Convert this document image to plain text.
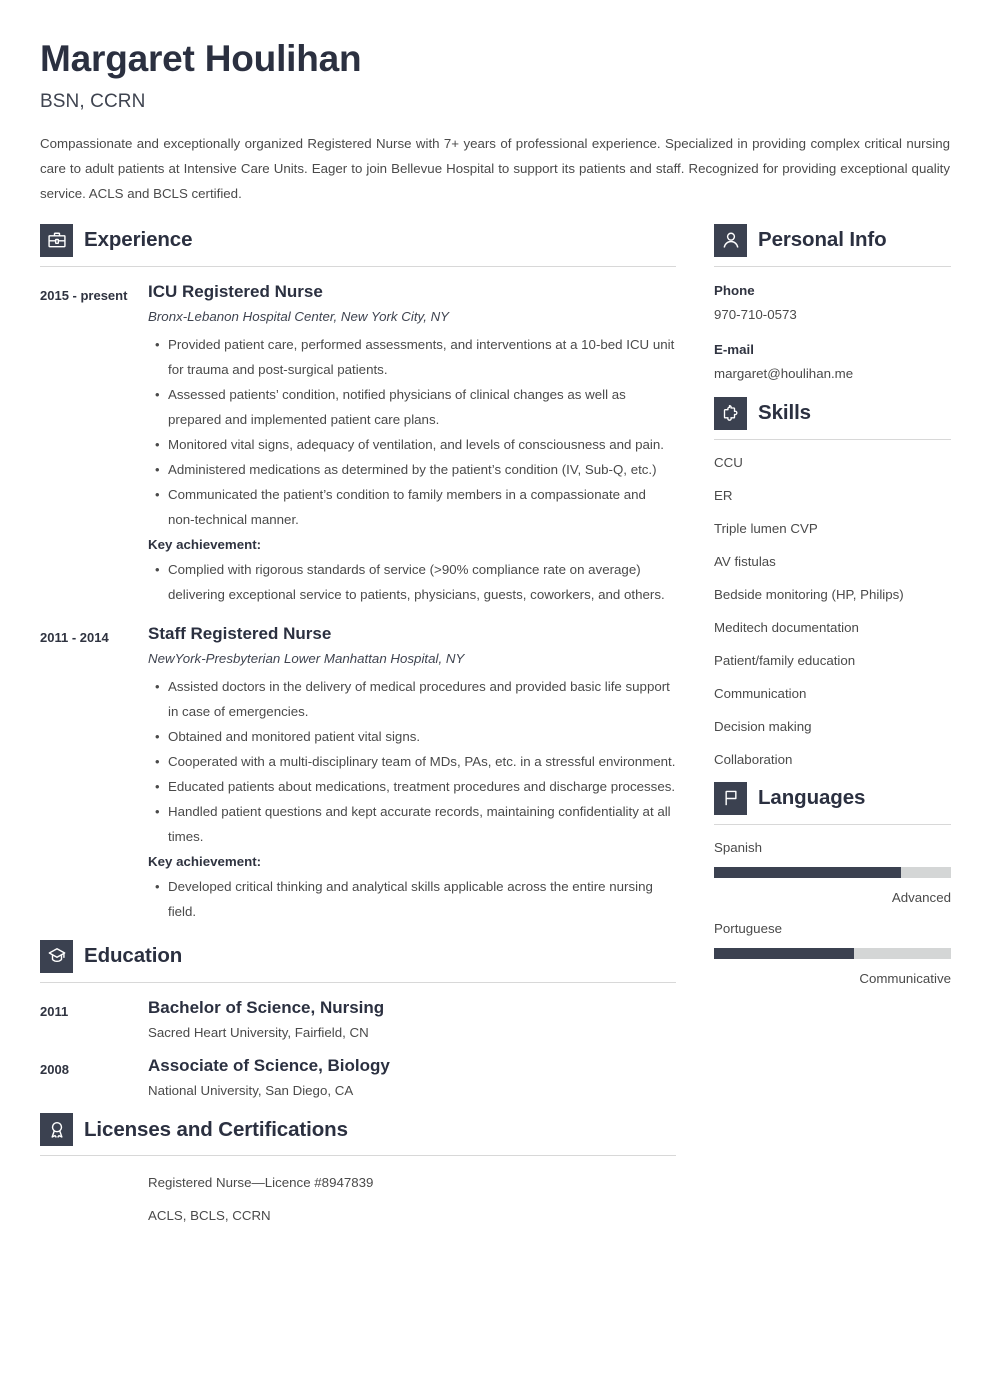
Margaret Houlihan
BSN, CCRN

Compassionate and exceptionally organized Registered Nurse with 7+ years of professional experience. Specialized in providing complex critical nursing care to adult patients at Intensive Care Units. Eager to join Bellevue Hospital to support its patients and staff. Recognized for providing exceptional quality service. ACLS and BCLS certified.

Experience
2015 - present	ICU Registered Nurse
Bronx-Lebanon Hospital Center, New York City, NY
• Provided patient care, performed assessments, and interventions at a 10-bed ICU unit for trauma and post-surgical patients.
• Assessed patients’ condition, notified physicians of clinical changes as well as prepared and implemented patient care plans.
• Monitored vital signs, adequacy of ventilation, and levels of consciousness and pain.
• Administered medications as determined by the patient’s condition (IV, Sub-Q, etc.)
• Communicated the patient’s condition to family members in a compassionate and non-technical manner.

Key achievement:

• Complied with rigorous standards of service (>90% compliance rate on average) delivering exceptional service to patients, physicians, guests, coworkers, and others.
2011 - 2014	Staff Registered Nurse
NewYork-Presbyterian Lower Manhattan Hospital, NY
• Assisted doctors in the delivery of medical procedures and provided basic life support in case of emergencies.
• Obtained and monitored patient vital signs.
• Cooperated with a multi-disciplinary team of MDs, PAs, etc. in a stressful environment.
• Educated patients about medications, treatment procedures and discharge processes.
• Handled patient questions and kept accurate records, maintaining confidentiality at all times.

Key achievement:

• Developed critical thinking and analytical skills applicable across the entire nursing field.
Education
2011	Bachelor of Science, Nursing

Sacred Heart University, Fairfield, CN

2008	Associate of Science, Biology

National University, San Diego, CA

Licenses and Certifications
Registered Nurse—Licence #8947839
ACLS, BCLS, CCRN
Personal Info

Phone

970-710-0573

E-mail

margaret@houlihan.me

Skills
CCU
ER
Triple lumen CVP
AV fistulas
Bedside monitoring (HP, Philips)
Meditech documentation
Patient/family education
Communication
Decision making
Collaboration
Languages
Spanish
Advanced
Portuguese
Communicative
